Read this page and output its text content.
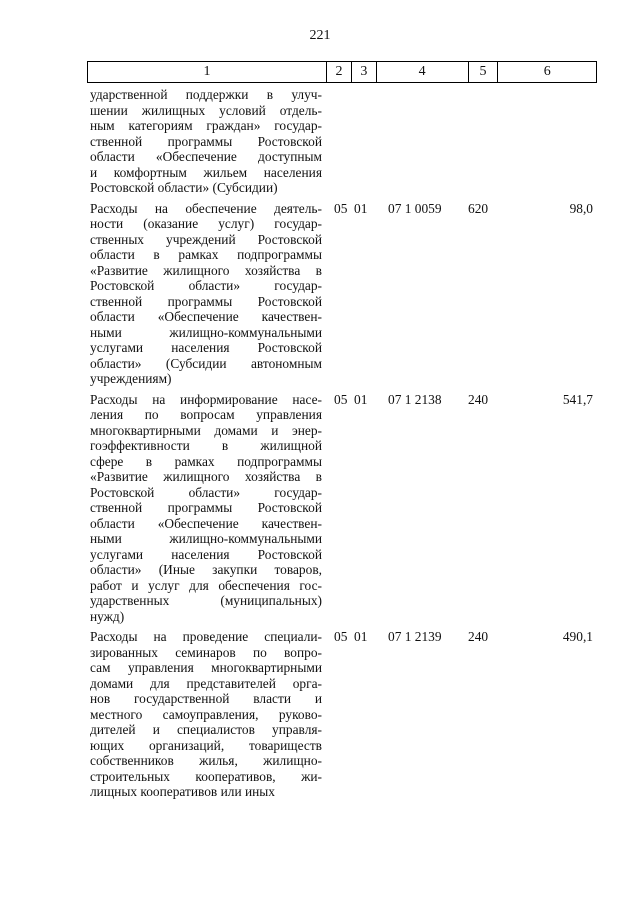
221
1	2	3	4	5	6
ударственной поддержки в улуч-
шении жилищных условий отдель-
ным категориям граждан» государ-
ственной программы Ростовской
области «Обеспечение доступным
и комфортным жильем населения
Ростовской области» (Субсидии)
Расходы на обеспечение деятель-
ности (оказание услуг) государ-
ственных учреждений Ростовской
области в рамках подпрограммы
«Развитие жилищного хозяйства в
Ростовской области» государ-
ственной программы Ростовской
области «Обеспечение качествен-
ными жилищно-коммунальными
услугами населения Ростовской
области» (Субсидии автономным
учреждениям)
05 01	07 1 0059	620	98,0
Расходы на информирование насе-
ления по вопросам управления
многоквартирными домами и энер-
гоэффективности в жилищной
сфере в рамках подпрограммы
«Развитие жилищного хозяйства в
Ростовской области» государ-
ственной программы Ростовской
области «Обеспечение качествен-
ными жилищно-коммунальными
услугами населения Ростовской
области» (Иные закупки товаров,
работ и услуг для обеспечения гос-
ударственных (муниципальных)
нужд)
05 01	07 1 2138	240	541,7
Расходы на проведение специали-
зированных семинаров по вопро-
сам управления многоквартирными
домами для представителей орга-
нов государственной власти и
местного самоуправления, руково-
дителей и специалистов управля-
ющих организаций, товариществ
собственников жилья, жилищно-
строительных кооперативов, жи-
лищных кооперативов или иных
05 01	07 1 2139	240	490,1
